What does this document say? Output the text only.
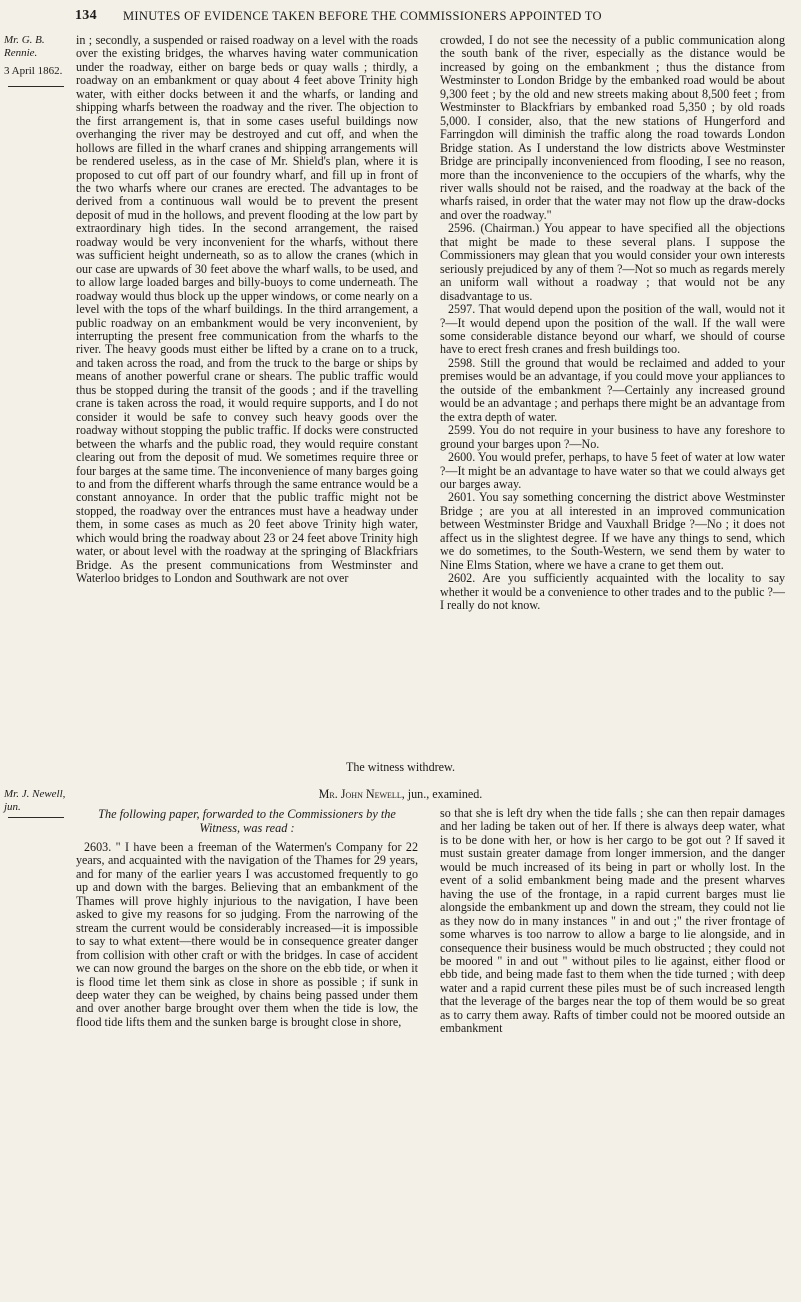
134 MINUTES OF EVIDENCE TAKEN BEFORE THE COMMISSIONERS APPOINTED TO
Mr. G. B. Rennie.
3 April 1862.

in ; secondly, a suspended or raised roadway on a level with the roads over the existing bridges, the wharves having water communication under the roadway, either on barge beds or quay walls ; thirdly, a roadway on an embankment or quay about 4 feet above Trinity high water, with either docks between it and the wharfs, or landing and shipping wharfs between the roadway and the river. The objection to the first arrangement is, that in some cases useful buildings now overhanging the river may be destroyed and cut off, and when the hollows are filled in the wharf cranes and shipping arrangements will be rendered useless, as in the case of Mr. Shield's plan, where it is proposed to cut off part of our foundry wharf, and fill up in front of the two wharfs where our cranes are erected. The advantages to be derived from a continuous wall would be to prevent the present deposit of mud in the hollows, and prevent flooding at the low part by extraordinary high tides. In the second arrangement, the raised roadway would be very inconvenient for the wharfs, without there was sufficient height underneath, so as to allow the cranes (which in our case are upwards of 30 feet above the wharf walls, to be used, and to allow large loaded barges and billy-buoys to come underneath. The roadway would thus block up the upper windows, or come nearly on a level with the tops of the wharf buildings. In the third arrangement, a public roadway on an embankment would be very inconvenient, by interrupting the present free communication from the wharfs to the river. The heavy goods must either be lifted by a crane on to a truck, and taken across the road, and from the truck to the barge or ships by means of another powerful crane or shears. The public traffic would thus be stopped during the transit of the goods ; and if the travelling crane is taken across the road, it would require supports, and I do not consider it would be safe to convey such heavy goods over the roadway without stopping the public traffic. If docks were constructed between the wharfs and the public road, they would require constant clearing out from the deposit of mud. We sometimes require three or four barges at the same time. The inconvenience of many barges going to and from the different wharfs through the same entrance would be a constant annoyance. In order that the public traffic might not be stopped, the roadway over the entrances must have a headway under them, in some cases as much as 20 feet above Trinity high water, which would bring the roadway about 23 or 24 feet above Trinity high water, or about level with the roadway at the springing of Blackfriars Bridge. As the present communications from Westminster and Waterloo bridges to London and Southwark are not over

crowded, I do not see the necessity of a public communication along the south bank of the river, especially as the distance would be increased by going on the embankment ; thus the distance from Westminster to London Bridge by the embanked road would be about 9,300 feet ; by the old and new streets making about 8,500 feet ; from Westminster to Blackfriars by embanked road 5,350 ; by old roads 5,000. I consider, also, that the new stations of Hungerford and Farringdon will diminish the traffic along the road towards London Bridge station. As I understand the low districts above Westminster Bridge are principally inconvenienced from flooding, I see no reason, more than the inconvenience to the occupiers of the wharfs, why the river walls should not be raised, and the roadway at the back of the wharfs raised, in order that the water may not flow up the draw-docks and over the roadway."

2596. (Chairman.) You appear to have specified all the objections that might be made to these several plans. I suppose the Commissioners may glean that you would consider your own interests seriously prejudiced by any of them ?—Not so much as regards merely an uniform wall without a roadway ; that would not be any disadvantage to us.

2597. That would depend upon the position of the wall, would not it ?—It would depend upon the position of the wall. If the wall were some considerable distance beyond our wharf, we should of course have to erect fresh cranes and fresh buildings too.

2598. Still the ground that would be reclaimed and added to your premises would be an advantage, if you could move your appliances to the outside of the embankment ?—Certainly any increased ground would be an advantage ; and perhaps there might be an advantage from the extra depth of water.

2599. You do not require in your business to have any foreshore to ground your barges upon ?—No.

2600. You would prefer, perhaps, to have 5 feet of water at low water ?—It might be an advantage to have water so that we could always get our barges away.

2601. You say something concerning the district above Westminster Bridge ; are you at all interested in an improved communication between Westminster Bridge and Vauxhall Bridge ?—No ; it does not affect us in the slightest degree. If we have any things to send, which we do sometimes, to the South-Western, we send them by water to Nine Elms Station, where we have a crane to get them out.

2602. Are you sufficiently acquainted with the locality to say whether it would be a convenience to other trades and to the public ?—I really do not know.

The witness withdrew.
Mr. J. Newell, jun.
Mr. John Newell, jun., examined.
The following paper, forwarded to the Commissioners by the Witness, was read :

2603. " I have been a freeman of the Watermen's Company for 22 years, and acquainted with the navigation of the Thames for 29 years, and for many of the earlier years I was accustomed frequently to go up and down with the barges. Believing that an embankment of the Thames will prove highly injurious to the navigation, I have been asked to give my reasons for so judging. From the narrowing of the stream the current would be considerably increased—it is impossible to say to what extent—there would be in consequence greater danger from collision with other craft or with the bridges. In case of accident we can now ground the barges on the shore on the ebb tide, or when it is flood time let them sink as close in shore as possible ; if sunk in deep water they can be weighed, by chains being passed under them and over another barge brought over them when the tide is low, the flood tide lifts them and the sunken barge is brought close in shore,

so that she is left dry when the tide falls ; she can then repair damages and her lading be taken out of her. If there is always deep water, what is to be done with her, or how is her cargo to be got out ? If saved it must sustain greater damage from longer immersion, and the danger would be much increased of its being in part or wholly lost. In the event of a solid embankment being made and the present wharves having the use of the frontage, in a rapid current barges must lie alongside the embankment up and down the stream, they could not lie as they now do in many instances " in and out ;" the river frontage of some wharves is too narrow to allow a barge to lie alongside, and in consequence their business would be much obstructed ; they could not be moored " in and out " without piles to lie against, either flood or ebb tide, and being made fast to them when the tide turned ; with deep water and a rapid current these piles must be of such increased length that the leverage of the barges near the top of them would be so great as to carry them away. Rafts of timber could not be moored outside an embankment
